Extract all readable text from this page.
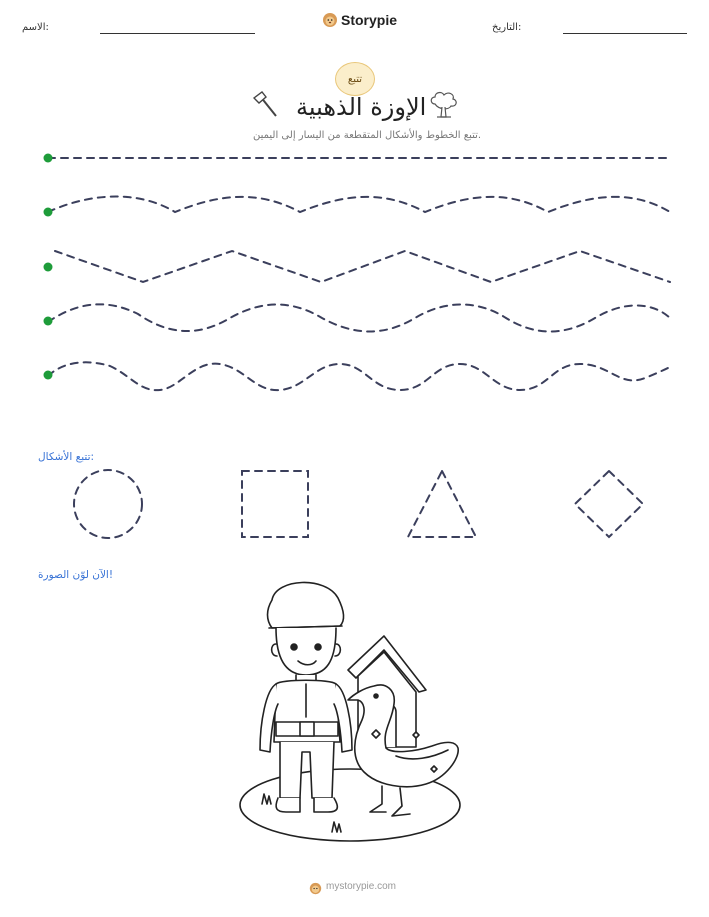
الاسم:	Storypie	التاريخ:
تتبع
الإوزة الذهبية
تتبع الخطوط والأشكال المتقطعة من اليسار إلى اليمين.
تتبع الأشكال:
الآن لوّن الصورة!
mystorypie.com
